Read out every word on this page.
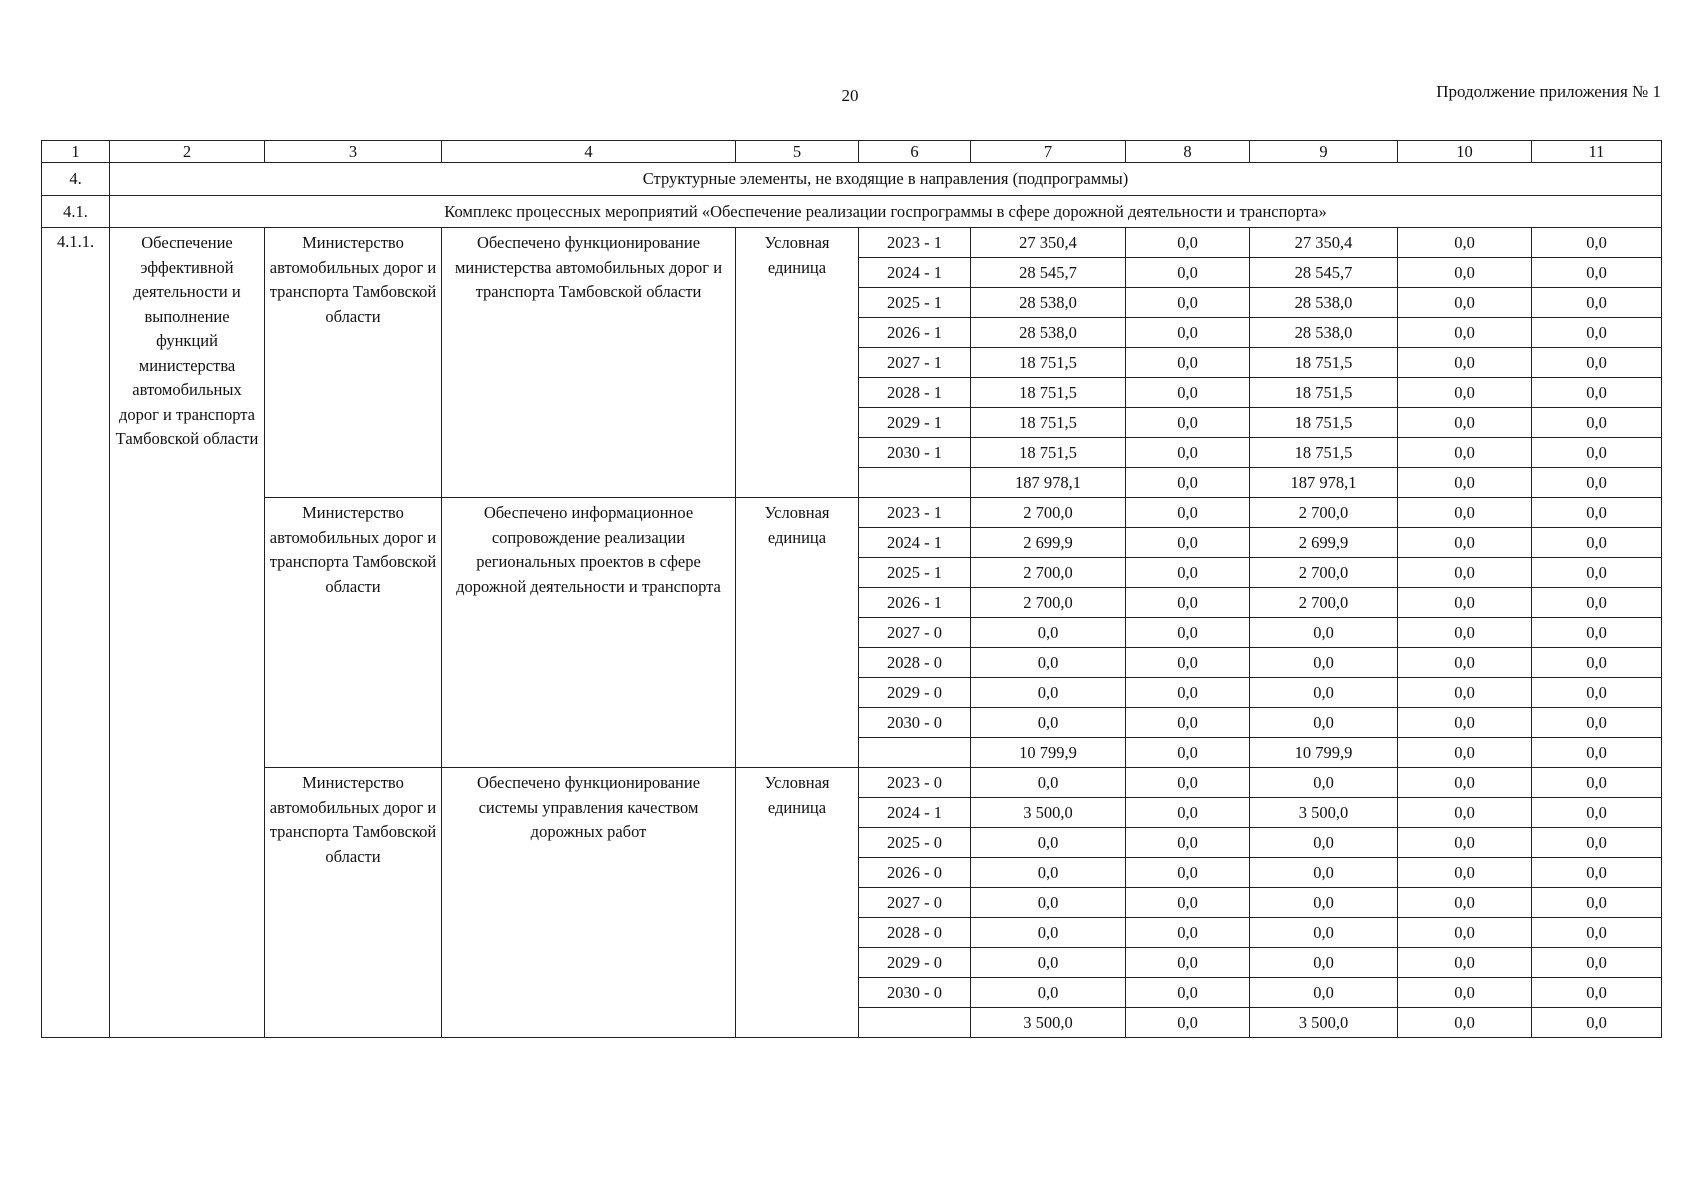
20	Продолжение приложения № 1
1	2	3	4	5	6	7	8	9	10	11
4.	Структурные элементы, не входящие в направления (подпрограммы)									
4.1.	Комплекс процессных мероприятий «Обеспечение реализации госпрограммы в сфере дорожной деятельности и транспорта»									
4.1.1.	Обеспечение эффективной деятельности и выполнение функций министерства автомобильных дорог и транспорта Тамбовской области	Министерство автомобильных дорог и транспорта Тамбовской области	Обеспечено функционирование министерства автомобильных дорог и транспорта Тамбовской области	Условная единица	2023 - 1	27 350,4	0,0	27 350,4	0,0	0,0
					2024 - 1	28 545,7	0,0	28 545,7	0,0	0,0
					2025 - 1	28 538,0	0,0	28 538,0	0,0	0,0
					2026 - 1	28 538,0	0,0	28 538,0	0,0	0,0
					2027 - 1	18 751,5	0,0	18 751,5	0,0	0,0
					2028 - 1	18 751,5	0,0	18 751,5	0,0	0,0
					2029 - 1	18 751,5	0,0	18 751,5	0,0	0,0
					2030 - 1	18 751,5	0,0	18 751,5	0,0	0,0
						187 978,1	0,0	187 978,1	0,0	0,0
		Министерство автомобильных дорог и транспорта Тамбовской области	Обеспечено информационное сопровождение реализации региональных проектов в сфере дорожной деятельности и транспорта	Условная единица	2023 - 1	2 700,0	0,0	2 700,0	0,0	0,0
					2024 - 1	2 699,9	0,0	2 699,9	0,0	0,0
					2025 - 1	2 700,0	0,0	2 700,0	0,0	0,0
					2026 - 1	2 700,0	0,0	2 700,0	0,0	0,0
					2027 - 0	0,0	0,0	0,0	0,0	0,0
					2028 - 0	0,0	0,0	0,0	0,0	0,0
					2029 - 0	0,0	0,0	0,0	0,0	0,0
					2030 - 0	0,0	0,0	0,0	0,0	0,0
						10 799,9	0,0	10 799,9	0,0	0,0
		Министерство автомобильных дорог и транспорта Тамбовской области	Обеспечено функционирование системы управления качеством дорожных работ	Условная единица	2023 - 0	0,0	0,0	0,0	0,0	0,0
					2024 - 1	3 500,0	0,0	3 500,0	0,0	0,0
					2025 - 0	0,0	0,0	0,0	0,0	0,0
					2026 - 0	0,0	0,0	0,0	0,0	0,0
					2027 - 0	0,0	0,0	0,0	0,0	0,0
					2028 - 0	0,0	0,0	0,0	0,0	0,0
					2029 - 0	0,0	0,0	0,0	0,0	0,0
					2030 - 0	0,0	0,0	0,0	0,0	0,0
						3 500,0	0,0	3 500,0	0,0	0,0
